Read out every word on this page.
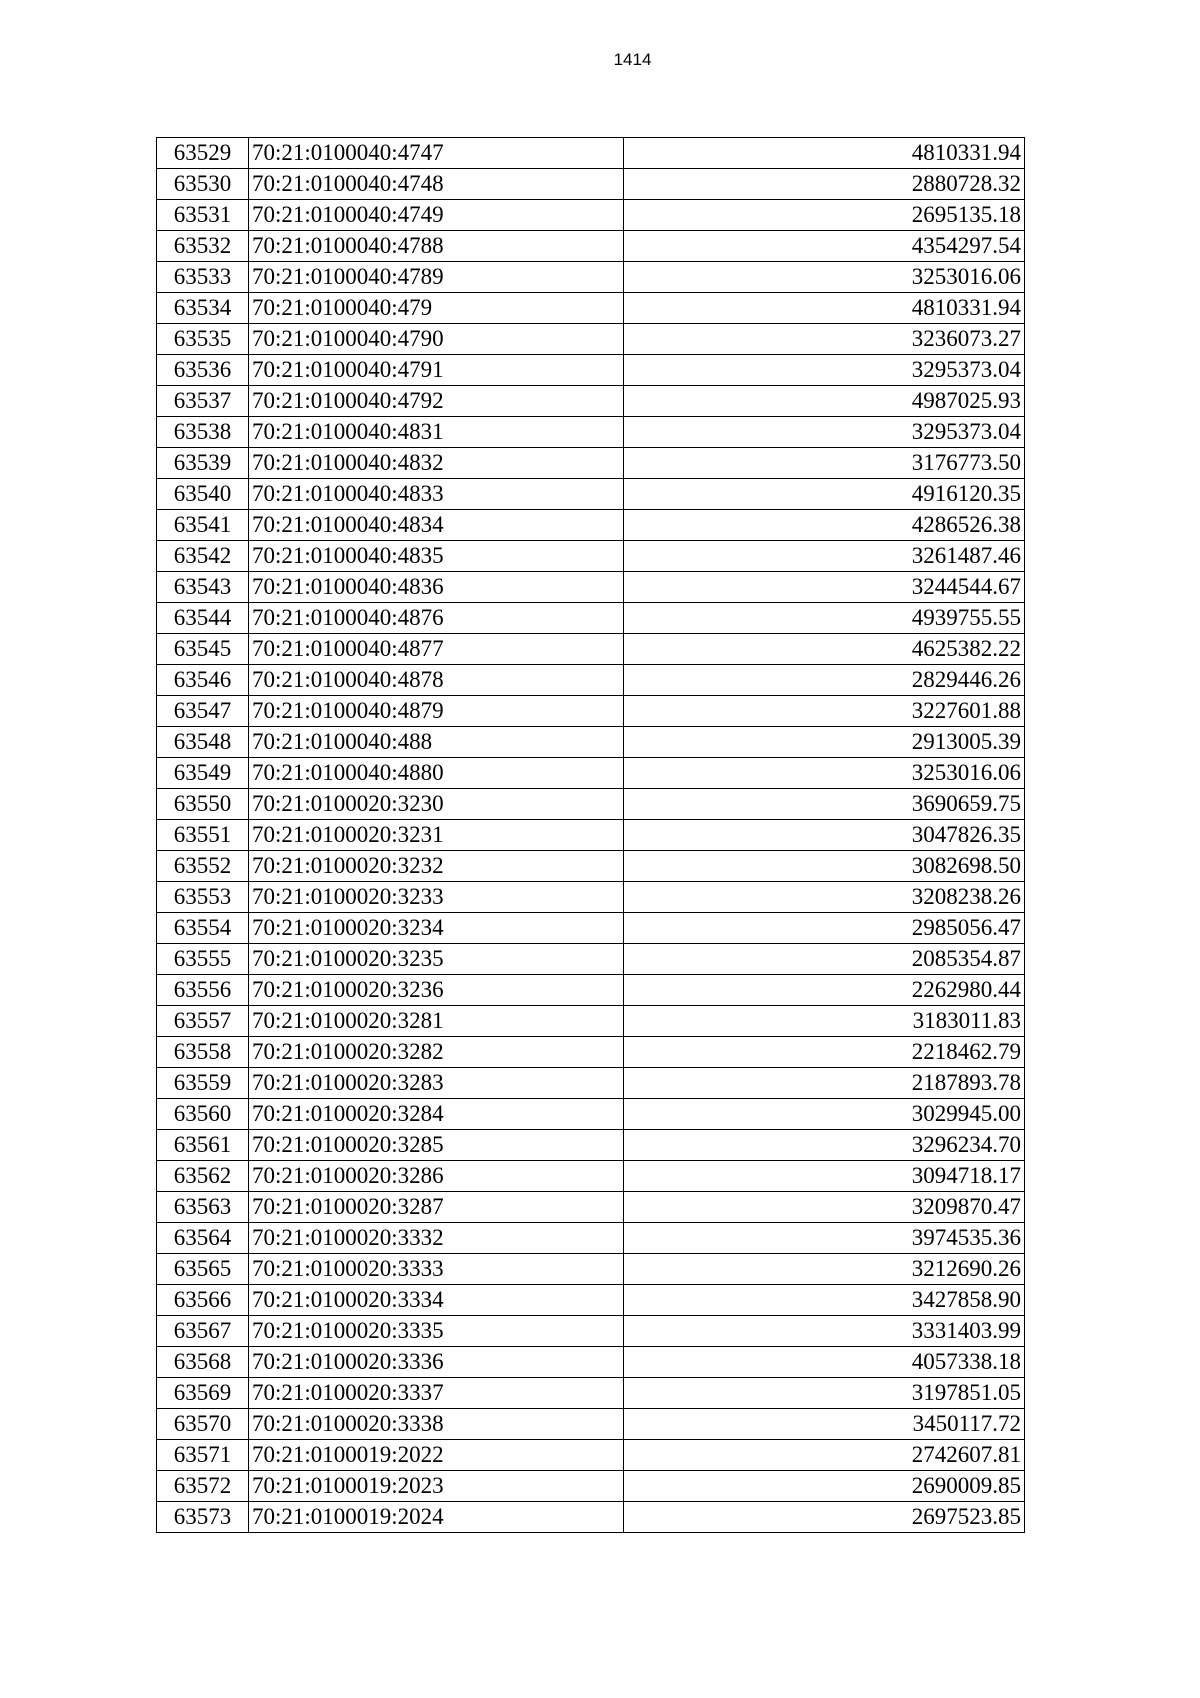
1414
63529	70:21:0100040:4747	4810331.94
63530	70:21:0100040:4748	2880728.32
63531	70:21:0100040:4749	2695135.18
63532	70:21:0100040:4788	4354297.54
63533	70:21:0100040:4789	3253016.06
63534	70:21:0100040:479	4810331.94
63535	70:21:0100040:4790	3236073.27
63536	70:21:0100040:4791	3295373.04
63537	70:21:0100040:4792	4987025.93
63538	70:21:0100040:4831	3295373.04
63539	70:21:0100040:4832	3176773.50
63540	70:21:0100040:4833	4916120.35
63541	70:21:0100040:4834	4286526.38
63542	70:21:0100040:4835	3261487.46
63543	70:21:0100040:4836	3244544.67
63544	70:21:0100040:4876	4939755.55
63545	70:21:0100040:4877	4625382.22
63546	70:21:0100040:4878	2829446.26
63547	70:21:0100040:4879	3227601.88
63548	70:21:0100040:488	2913005.39
63549	70:21:0100040:4880	3253016.06
63550	70:21:0100020:3230	3690659.75
63551	70:21:0100020:3231	3047826.35
63552	70:21:0100020:3232	3082698.50
63553	70:21:0100020:3233	3208238.26
63554	70:21:0100020:3234	2985056.47
63555	70:21:0100020:3235	2085354.87
63556	70:21:0100020:3236	2262980.44
63557	70:21:0100020:3281	3183011.83
63558	70:21:0100020:3282	2218462.79
63559	70:21:0100020:3283	2187893.78
63560	70:21:0100020:3284	3029945.00
63561	70:21:0100020:3285	3296234.70
63562	70:21:0100020:3286	3094718.17
63563	70:21:0100020:3287	3209870.47
63564	70:21:0100020:3332	3974535.36
63565	70:21:0100020:3333	3212690.26
63566	70:21:0100020:3334	3427858.90
63567	70:21:0100020:3335	3331403.99
63568	70:21:0100020:3336	4057338.18
63569	70:21:0100020:3337	3197851.05
63570	70:21:0100020:3338	3450117.72
63571	70:21:0100019:2022	2742607.81
63572	70:21:0100019:2023	2690009.85
63573	70:21:0100019:2024	2697523.85
